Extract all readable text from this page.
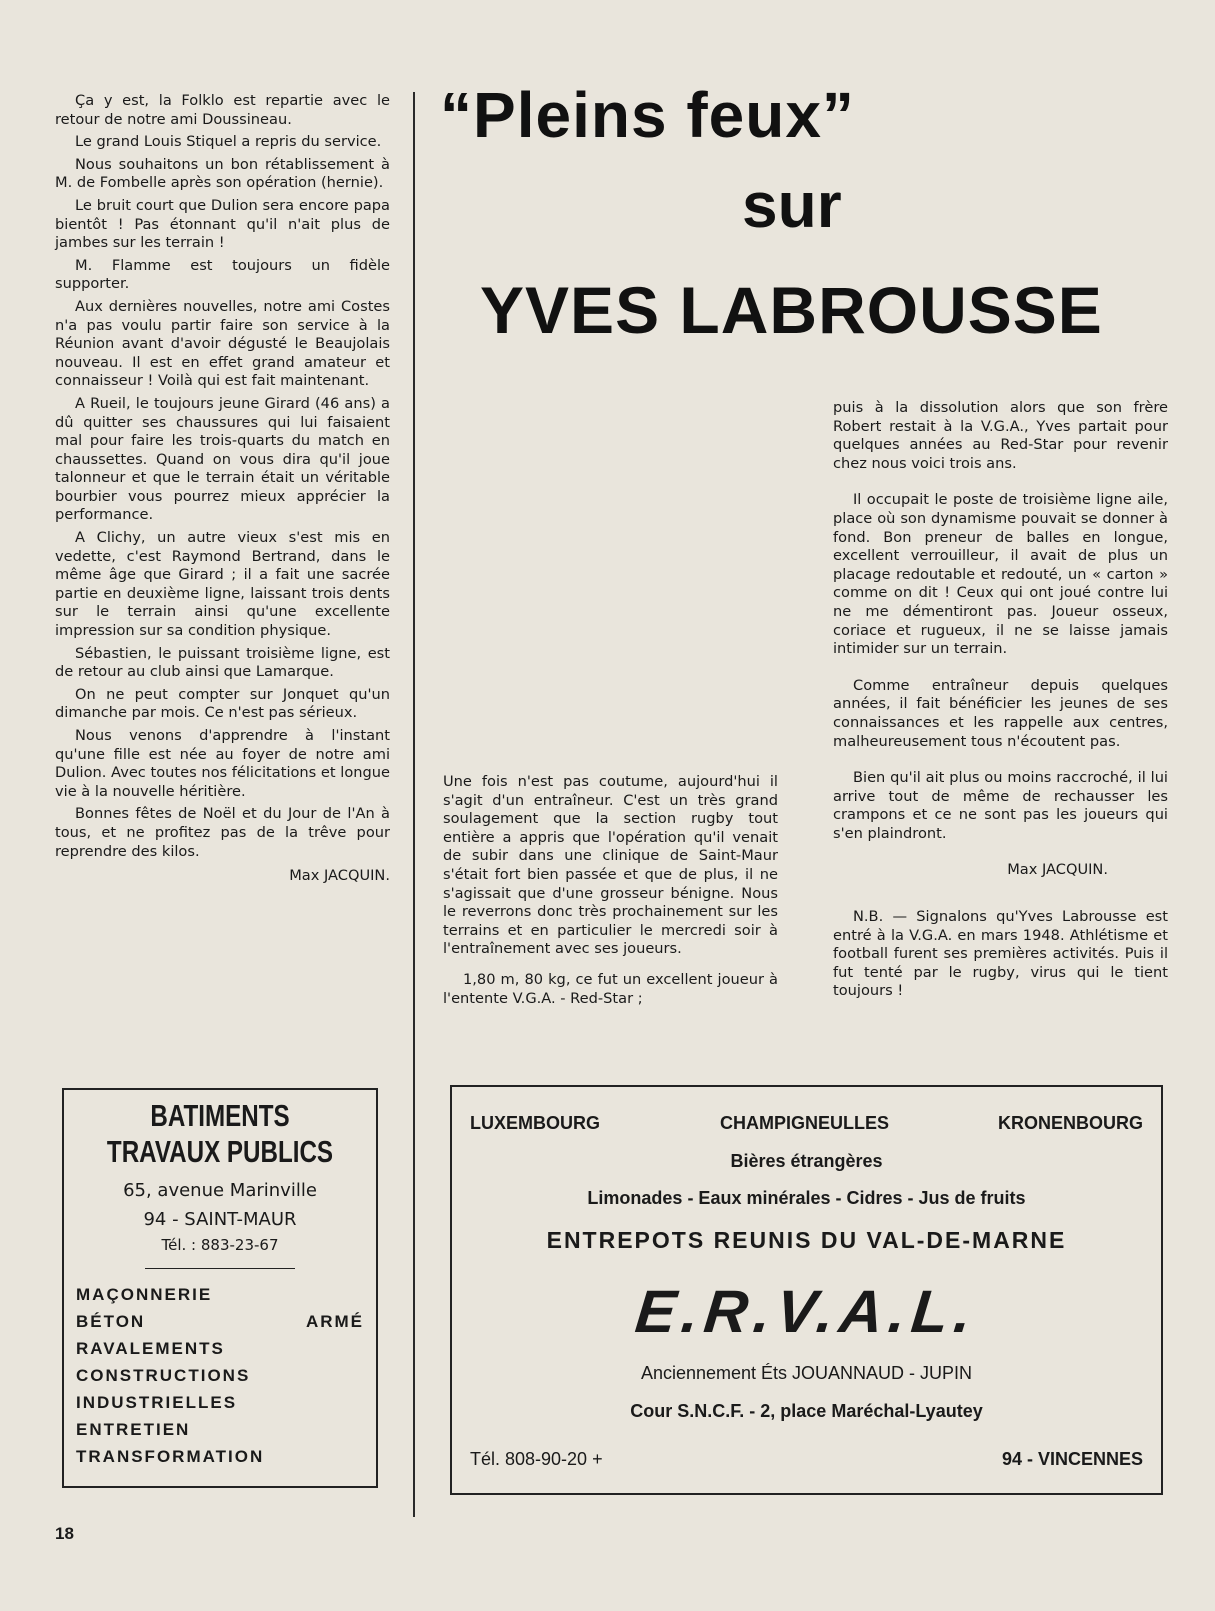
Ça y est, la Folklo est repartie avec le retour de notre ami Doussineau.

Le grand Louis Stiquel a repris du service.

Nous souhaitons un bon rétablissement à M. de Fombelle après son opération (hernie).

Le bruit court que Dulion sera encore papa bientôt ! Pas étonnant qu'il n'ait plus de jambes sur les terrain !

M. Flamme est toujours un fidèle supporter.

Aux dernières nouvelles, notre ami Costes n'a pas voulu partir faire son service à la Réunion avant d'avoir dégusté le Beaujolais nouveau. Il est en effet grand amateur et connaisseur ! Voilà qui est fait maintenant.

A Rueil, le toujours jeune Girard (46 ans) a dû quitter ses chaussures qui lui faisaient mal pour faire les trois-quarts du match en chaussettes. Quand on vous dira qu'il joue talonneur et que le terrain était un véritable bourbier vous pourrez mieux apprécier la performance.

A Clichy, un autre vieux s'est mis en vedette, c'est Raymond Bertrand, dans le même âge que Girard ; il a fait une sacrée partie en deuxième ligne, laissant trois dents sur le terrain ainsi qu'une excellente impression sur sa condition physique.

Sébastien, le puissant troisième ligne, est de retour au club ainsi que Lamarque.

On ne peut compter sur Jonquet qu'un dimanche par mois. Ce n'est pas sérieux.

Nous venons d'apprendre à l'instant qu'une fille est née au foyer de notre ami Dulion. Avec toutes nos félicitations et longue vie à la nouvelle héritière.

Bonnes fêtes de Noël et du Jour de l'An à tous, et ne profitez pas de la trêve pour reprendre des kilos.

Max JACQUIN.
“Pleins feux”
sur
YVES LABROUSSE

Une fois n'est pas coutume, aujourd'hui il s'agit d'un entraîneur. C'est un très grand soulagement que la section rugby tout entière a appris que l'opération qu'il venait de subir dans une clinique de Saint-Maur s'était fort bien passée et que de plus, il ne s'agissait que d'une grosseur bénigne. Nous le reverrons donc très prochainement sur les terrains et en particulier le mercredi soir à l'entraînement avec ses joueurs.

1,80 m, 80 kg, ce fut un excellent joueur à l'entente V.G.A. - Red-Star ;

puis à la dissolution alors que son frère Robert restait à la V.G.A., Yves partait pour quelques années au Red-Star pour revenir chez nous voici trois ans.

Il occupait le poste de troisième ligne aile, place où son dynamisme pouvait se donner à fond. Bon preneur de balles en longue, excellent verrouilleur, il avait de plus un placage redoutable et redouté, un « carton » comme on dit ! Ceux qui ont joué contre lui ne me démentiront pas. Joueur osseux, coriace et rugueux, il ne se laisse jamais intimider sur un terrain.

Comme entraîneur depuis quelques années, il fait bénéficier les jeunes de ses connaissances et les rappelle aux centres, malheureusement tous n'écoutent pas.

Bien qu'il ait plus ou moins raccroché, il lui arrive tout de même de rechausser les crampons et ce ne sont pas les joueurs qui s'en plaindront.

Max JACQUIN.

N.B. — Signalons qu'Yves Labrousse est entré à la V.G.A. en mars 1948. Athlétisme et football furent ses premières activités. Puis il fut tenté par le rugby, virus qui le tient toujours !

BATIMENTS
TRAVAUX PUBLICS
65, avenue Marinville
94 - SAINT-MAUR
Tél. : 883-23-67
MAÇONNERIE
BÉTON ARMÉ
RAVALEMENTS
CONSTRUCTIONS
INDUSTRIELLES
ENTRETIEN
TRANSFORMATION
LUXEMBOURG	CHAMPIGNEULLES	KRONENBOURG
Bières étrangères
Limonades - Eaux minérales - Cidres - Jus de fruits
ENTREPOTS REUNIS DU VAL-DE-MARNE
E.R.V.A.L.
Anciennement Éts JOUANNAUD - JUPIN
Cour S.N.C.F. - 2, place Maréchal-Lyautey
Tél. 808-90-20 +	94 - VINCENNES
18
